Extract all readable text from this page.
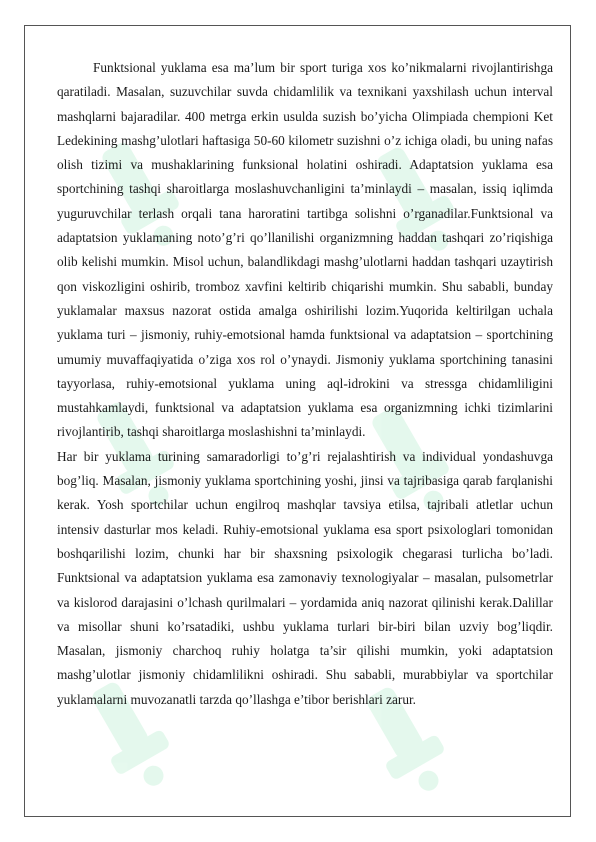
Funktsional yuklama esa ma’lum bir sport turiga xos ko’nikmalarni rivojlantirishga qaratiladi. Masalan, suzuvchilar suvda chidamlilik va texnikani yaxshilash uchun interval mashqlarni bajaradilar. 400 metrga erkin usulda suzish bo’yicha Olimpiada chempioni Ket Ledekining mashg’ulotlari haftasiga 50-60 kilometr suzishni o’z ichiga oladi, bu uning nafas olish tizimi va mushaklarining funksional holatini oshiradi. Adaptatsion yuklama esa sportchining tashqi sharoitlarga moslashuvchanligini ta’minlaydi – masalan, issiq iqlimda yuguruvchilar terlash orqali tana haroratini tartibga solishni o’rganadilar.Funktsional va adaptatsion yuklamaning noto’g’ri qo’llanilishi organizmning haddan tashqari zo’riqishiga olib kelishi mumkin. Misol uchun, balandlikdagi mashg’ulotlarni haddan tashqari uzaytirish qon viskozligini oshirib, tromboz xavfini keltirib chiqarishi mumkin. Shu sababli, bunday yuklamalar maxsus nazorat ostida amalga oshirilishi lozim.Yuqorida keltirilgan uchala yuklama turi – jismoniy, ruhiy-emotsional hamda funktsional va adaptatsion – sportchining umumiy muvaffaqiyatida o’ziga xos rol o’ynaydi. Jismoniy yuklama sportchining tanasini tayyorlasa, ruhiy-emotsional yuklama uning aql-idrokini va stressga chidamliligini mustahkamlaydi, funktsional va adaptatsion yuklama esa organizmning ichki tizimlarini rivojlantirib, tashqi sharoitlarga moslashishni ta’minlaydi.

Har bir yuklama turining samaradorligi to’g’ri rejalashtirish va individual yondashuvga bog’liq. Masalan, jismoniy yuklama sportchining yoshi, jinsi va tajribasiga qarab farqlanishi kerak. Yosh sportchilar uchun engilroq mashqlar tavsiya etilsa, tajribali atletlar uchun intensiv dasturlar mos keladi. Ruhiy-emotsional yuklama esa sport psixologlari tomonidan boshqarilishi lozim, chunki har bir shaxsning psixologik chegarasi turlicha bo’ladi. Funktsional va adaptatsion yuklama esa zamonaviy texnologiyalar – masalan, pulsometrlar va kislorod darajasini o’lchash qurilmalari – yordamida aniq nazorat qilinishi kerak.Dalillar va misollar shuni ko’rsatadiki, ushbu yuklama turlari bir-biri bilan uzviy bog’liqdir. Masalan, jismoniy charchoq ruhiy holatga ta’sir qilishi mumkin, yoki adaptatsion mashg’ulotlar jismoniy chidamlilikni oshiradi. Shu sababli, murabbiylar va sportchilar yuklamalarni muvozanatli tarzda qo’llashga e’tibor berishlari zarur.
